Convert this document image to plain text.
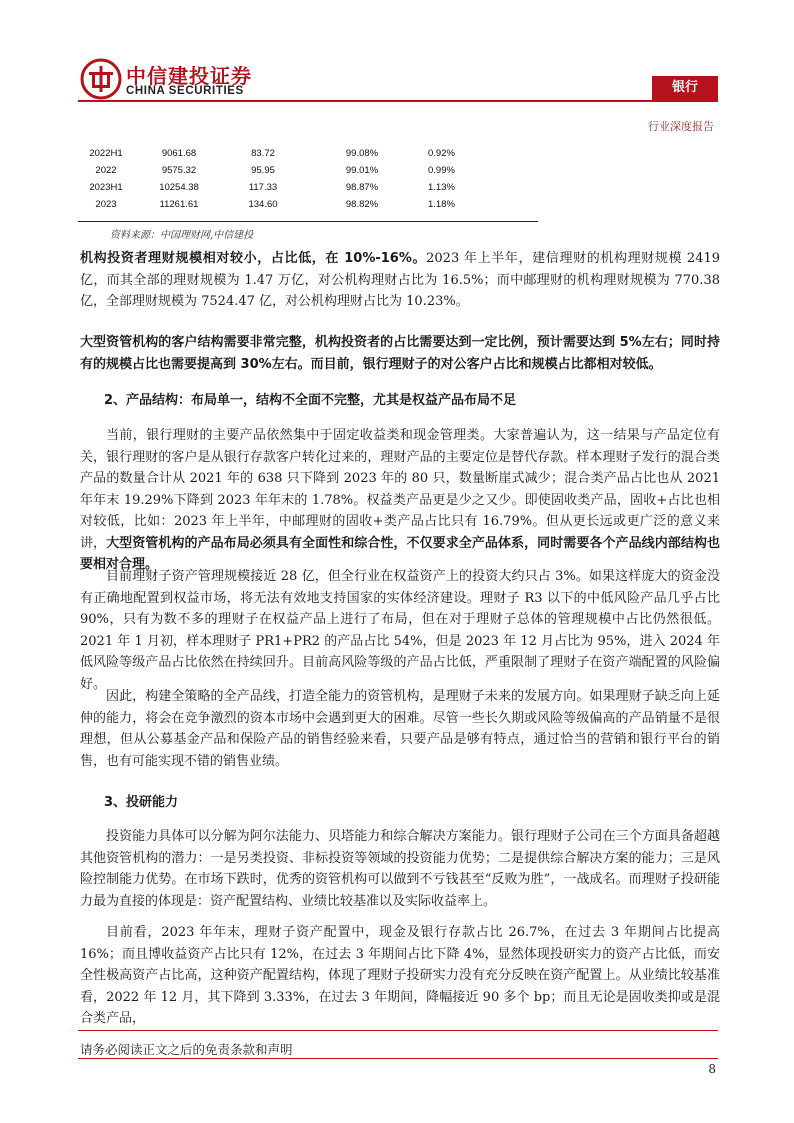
中信建投证券
CHINA SECURITIES	银行
行业深度报告
2022H1	9061.68	83.72	99.08%	0.92%
2022	9575.32	95.95	99.01%	0.99%
2023H1	10254.38	117.33	98.87%	1.13%
2023	11261.61	134.60	98.82%	1.18%
资料来源：中国理财网,中信建投
机构投资者理财规模相对较小，占比低，在 10%-16%。2023 年上半年，建信理财的机构理财规模 2419 亿，而其全部的理财规模为 1.47 万亿，对公机构理财占比为 16.5%；而中邮理财的机构理财规模为 770.38 亿，全部理财规模为 7524.47 亿，对公机构理财占比为 10.23%。
大型资管机构的客户结构需要非常完整，机构投资者的占比需要达到一定比例，预计需要达到 5%左右；同时持有的规模占比也需要提高到 30%左右。而目前，银行理财子的对公客户占比和规模占比都相对较低。
2、产品结构：布局单一，结构不全面不完整，尤其是权益产品布局不足
当前，银行理财的主要产品依然集中于固定收益类和现金管理类。大家普遍认为，这一结果与产品定位有关，银行理财的客户是从银行存款客户转化过来的，理财产品的主要定位是替代存款。样本理财子发行的混合类产品的数量合计从 2021 年的 638 只下降到 2023 年的 80 只，数量断崖式减少；混合类产品占比也从 2021 年年末 19.29%下降到 2023 年年末的 1.78%。权益类产品更是少之又少。即使固收类产品，固收+占比也相对较低，比如：2023 年上半年，中邮理财的固收+类产品占比只有 16.79%。但从更长远或更广泛的意义来讲，大型资管机构的产品布局必须具有全面性和综合性，不仅要求全产品体系，同时需要各个产品线内部结构也要相对合理。
目前理财子资产管理规模接近 28 亿，但全行业在权益资产上的投资大约只占 3%。如果这样庞大的资金没有正确地配置到权益市场，将无法有效地支持国家的实体经济建设。理财子 R3 以下的中低风险产品几乎占比 90%，只有为数不多的理财子在权益产品上进行了布局，但在对于理财子总体的管理规模中占比仍然很低。2021 年 1 月初，样本理财子 PR1+PR2 的产品占比 54%，但是 2023 年 12 月占比为 95%，进入 2024 年低风险等级产品占比依然在持续回升。目前高风险等级的产品占比低，严重限制了理财子在资产端配置的风险偏好。
因此，构建全策略的全产品线，打造全能力的资管机构，是理财子未来的发展方向。如果理财子缺乏向上延伸的能力，将会在竞争激烈的资本市场中会遇到更大的困难。尽管一些长久期或风险等级偏高的产品销量不是很理想，但从公募基金产品和保险产品的销售经验来看，只要产品是够有特点，通过恰当的营销和银行平台的销售，也有可能实现不错的销售业绩。
3、投研能力
投资能力具体可以分解为阿尔法能力、贝塔能力和综合解决方案能力。银行理财子公司在三个方面具备超越其他资管机构的潜力：一是另类投资、非标投资等领域的投资能力优势；二是提供综合解决方案的能力；三是风险控制能力优势。在市场下跌时，优秀的资管机构可以做到不亏钱甚至“反败为胜”，一战成名。而理财子投研能力最为直接的体现是：资产配置结构、业绩比较基准以及实际收益率上。
目前看，2023 年年末，理财子资产配置中，现金及银行存款占比 26.7%，在过去 3 年期间占比提高 16%；而且博收益资产占比只有 12%，在过去 3 年期间占比下降 4%，显然体现投研实力的资产占比低，而安全性极高资产占比高，这种资产配置结构，体现了理财子投研实力没有充分反映在资产配置上。从业绩比较基准看，2022 年 12 月，其下降到 3.33%，在过去 3 年期间，降幅接近 90 多个 bp；而且无论是固收类抑或是混合类产品，
请务必阅读正文之后的免责条款和声明
8
